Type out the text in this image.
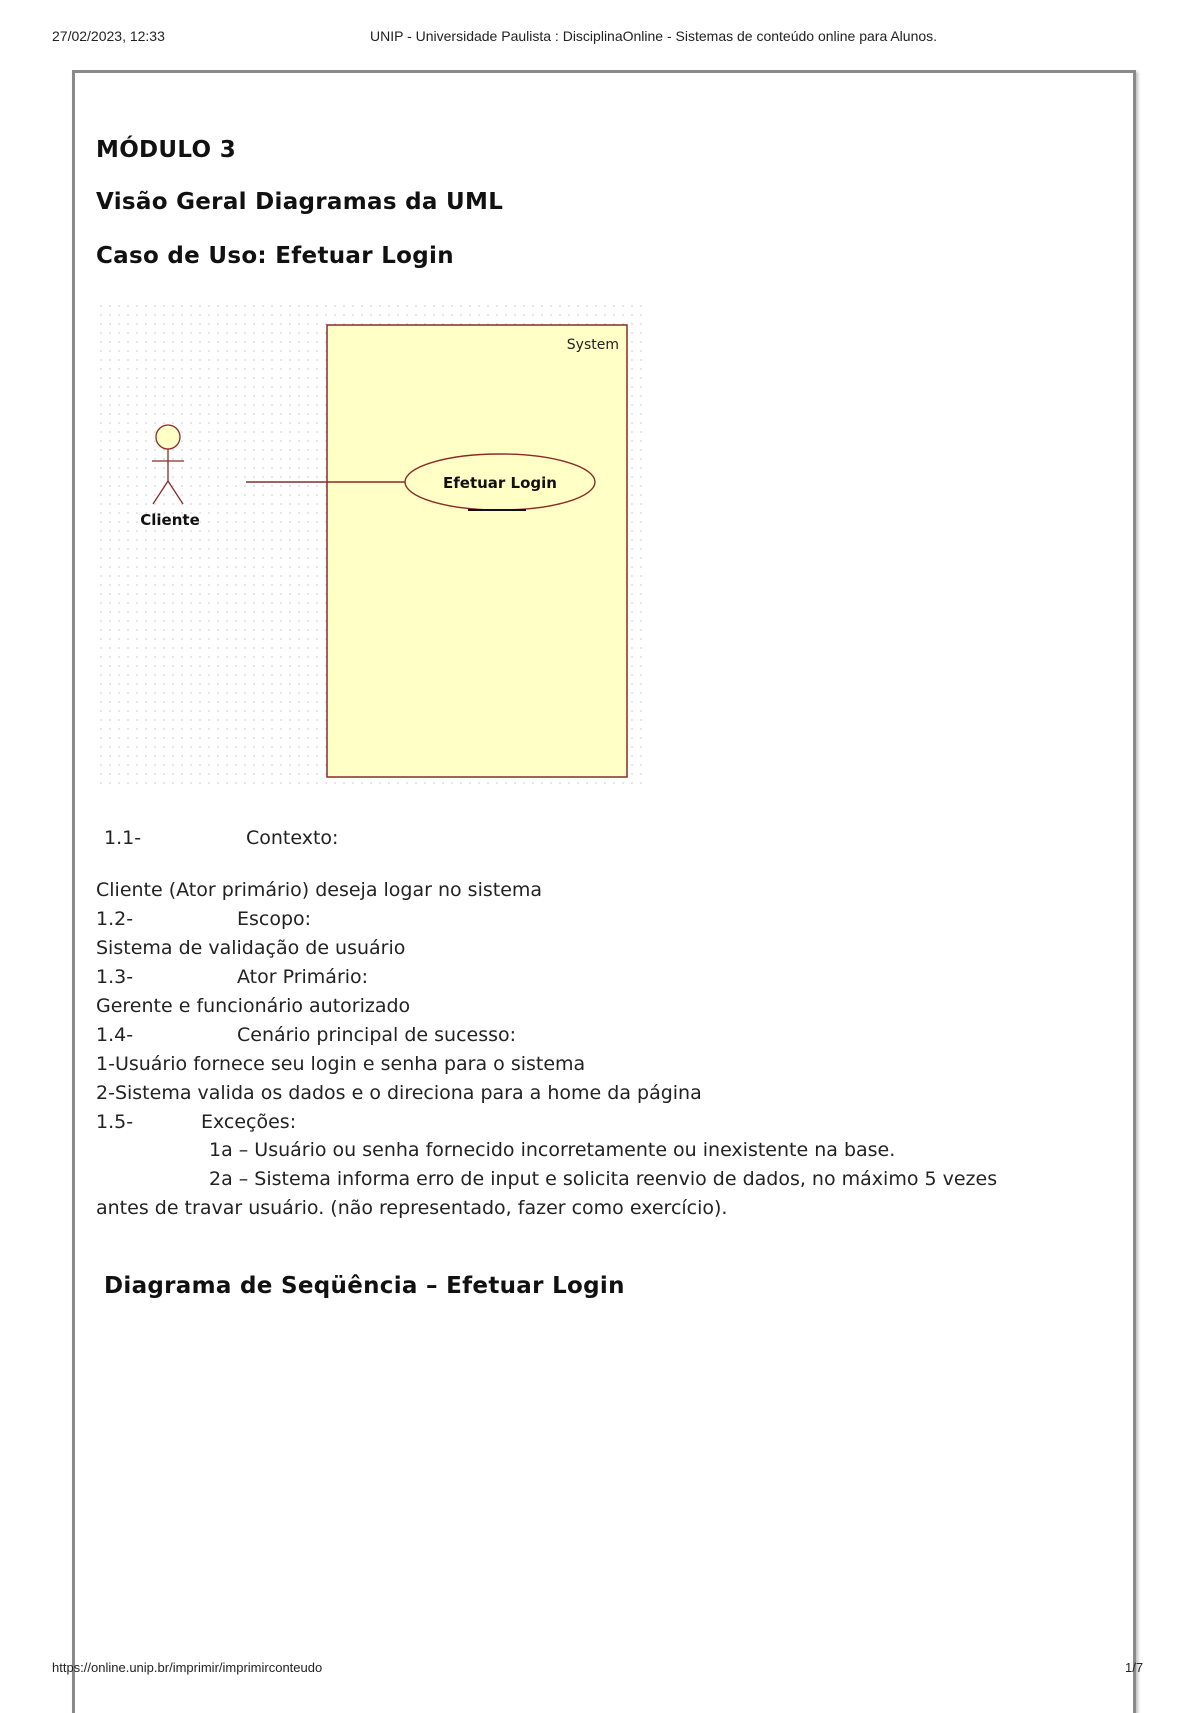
27/02/2023, 12:33	UNIP - Universidade Paulista : DisciplinaOnline - Sistemas de conteúdo online para Alunos.
MÓDULO 3
Visão Geral Diagramas da UML
Caso de Uso: Efetuar Login
System
Cliente
Efetuar Login
1.1-	Contexto:
Cliente (Ator primário) deseja logar no sistema
1.2-	Escopo:
Sistema de validação de usuário
1.3-	Ator Primário:
Gerente e funcionário autorizado
1.4-	Cenário principal de sucesso:
1-Usuário fornece seu login e senha para o sistema
2-Sistema valida os dados e o direciona para a home da página
1.5-	Exceções:
1a – Usuário ou senha fornecido incorretamente ou inexistente na base.
2a – Sistema informa erro de input e solicita reenvio de dados, no máximo 5 vezes
antes de travar usuário. (não representado, fazer como exercício).
Diagrama de Seqüência – Efetuar Login
https://online.unip.br/imprimir/imprimirconteudo	1/7
